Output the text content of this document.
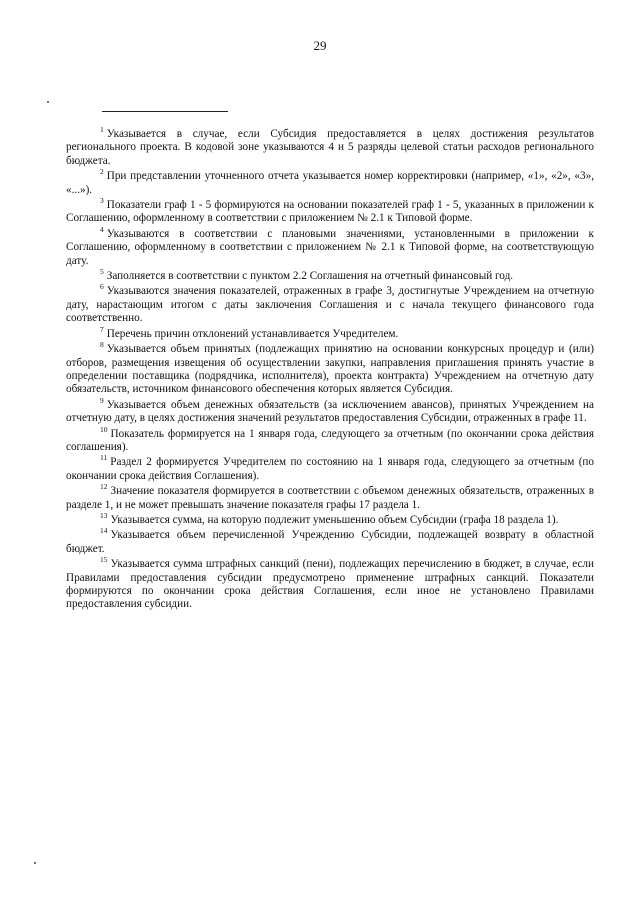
29

$^1$ Указывается в случае, если Субсидия предоставляется в целях достижения результатов регионального проекта. В кодовой зоне указываются 4 и 5 разряды целевой статьи расходов регионального бюджета.

$^2$ При представлении уточненного отчета указывается номер корректировки (например, «1», «2», «3», «...»).

$^3$ Показатели граф 1 - 5 формируются на основании показателей граф 1 - 5, указанных в приложении к Соглашению, оформленному в соответствии с приложением № 2.1 к Типовой форме.

$^4$ Указываются в соответствии с плановыми значениями, установленными в приложении к Соглашению, оформленному в соответствии с приложением № 2.1 к Типовой форме, на соответствующую дату.

$^5$ Заполняется в соответствии с пунктом 2.2 Соглашения на отчетный финансовый год.

$^6$ Указываются значения показателей, отраженных в графе 3, достигнутые Учреждением на отчетную дату, нарастающим итогом с даты заключения Соглашения и с начала текущего финансового года соответственно.

$^7$ Перечень причин отклонений устанавливается Учредителем.

$^8$ Указывается объем принятых (подлежащих принятию на основании конкурсных процедур и (или) отборов, размещения извещения об осуществлении закупки, направления приглашения принять участие в определении поставщика (подрядчика, исполнителя), проекта контракта) Учреждением на отчетную дату обязательств, источником финансового обеспечения которых является Субсидия.

$^9$ Указывается объем денежных обязательств (за исключением авансов), принятых Учреждением на отчетную дату, в целях достижения значений результатов предоставления Субсидии, отраженных в графе 11.

$^{10}$ Показатель формируется на 1 января года, следующего за отчетным (по окончании срока действия соглашения).

$^{11}$ Раздел 2 формируется Учредителем по состоянию на 1 января года, следующего за отчетным (по окончании срока действия Соглашения).

$^{12}$ Значение показателя формируется в соответствии с объемом денежных обязательств, отраженных в разделе 1, и не может превышать значение показателя графы 17 раздела 1.

$^{13}$ Указывается сумма, на которую подлежит уменьшению объем Субсидии (графа 18 раздела 1).

$^{14}$ Указывается объем перечисленной Учреждению Субсидии, подлежащей возврату в областной бюджет.

$^{15}$ Указывается сумма штрафных санкций (пени), подлежащих перечислению в бюджет, в случае, если Правилами предоставления субсидии предусмотрено применение штрафных санкций. Показатели формируются по окончании срока действия Соглашения, если иное не установлено Правилами предоставления субсидии.
